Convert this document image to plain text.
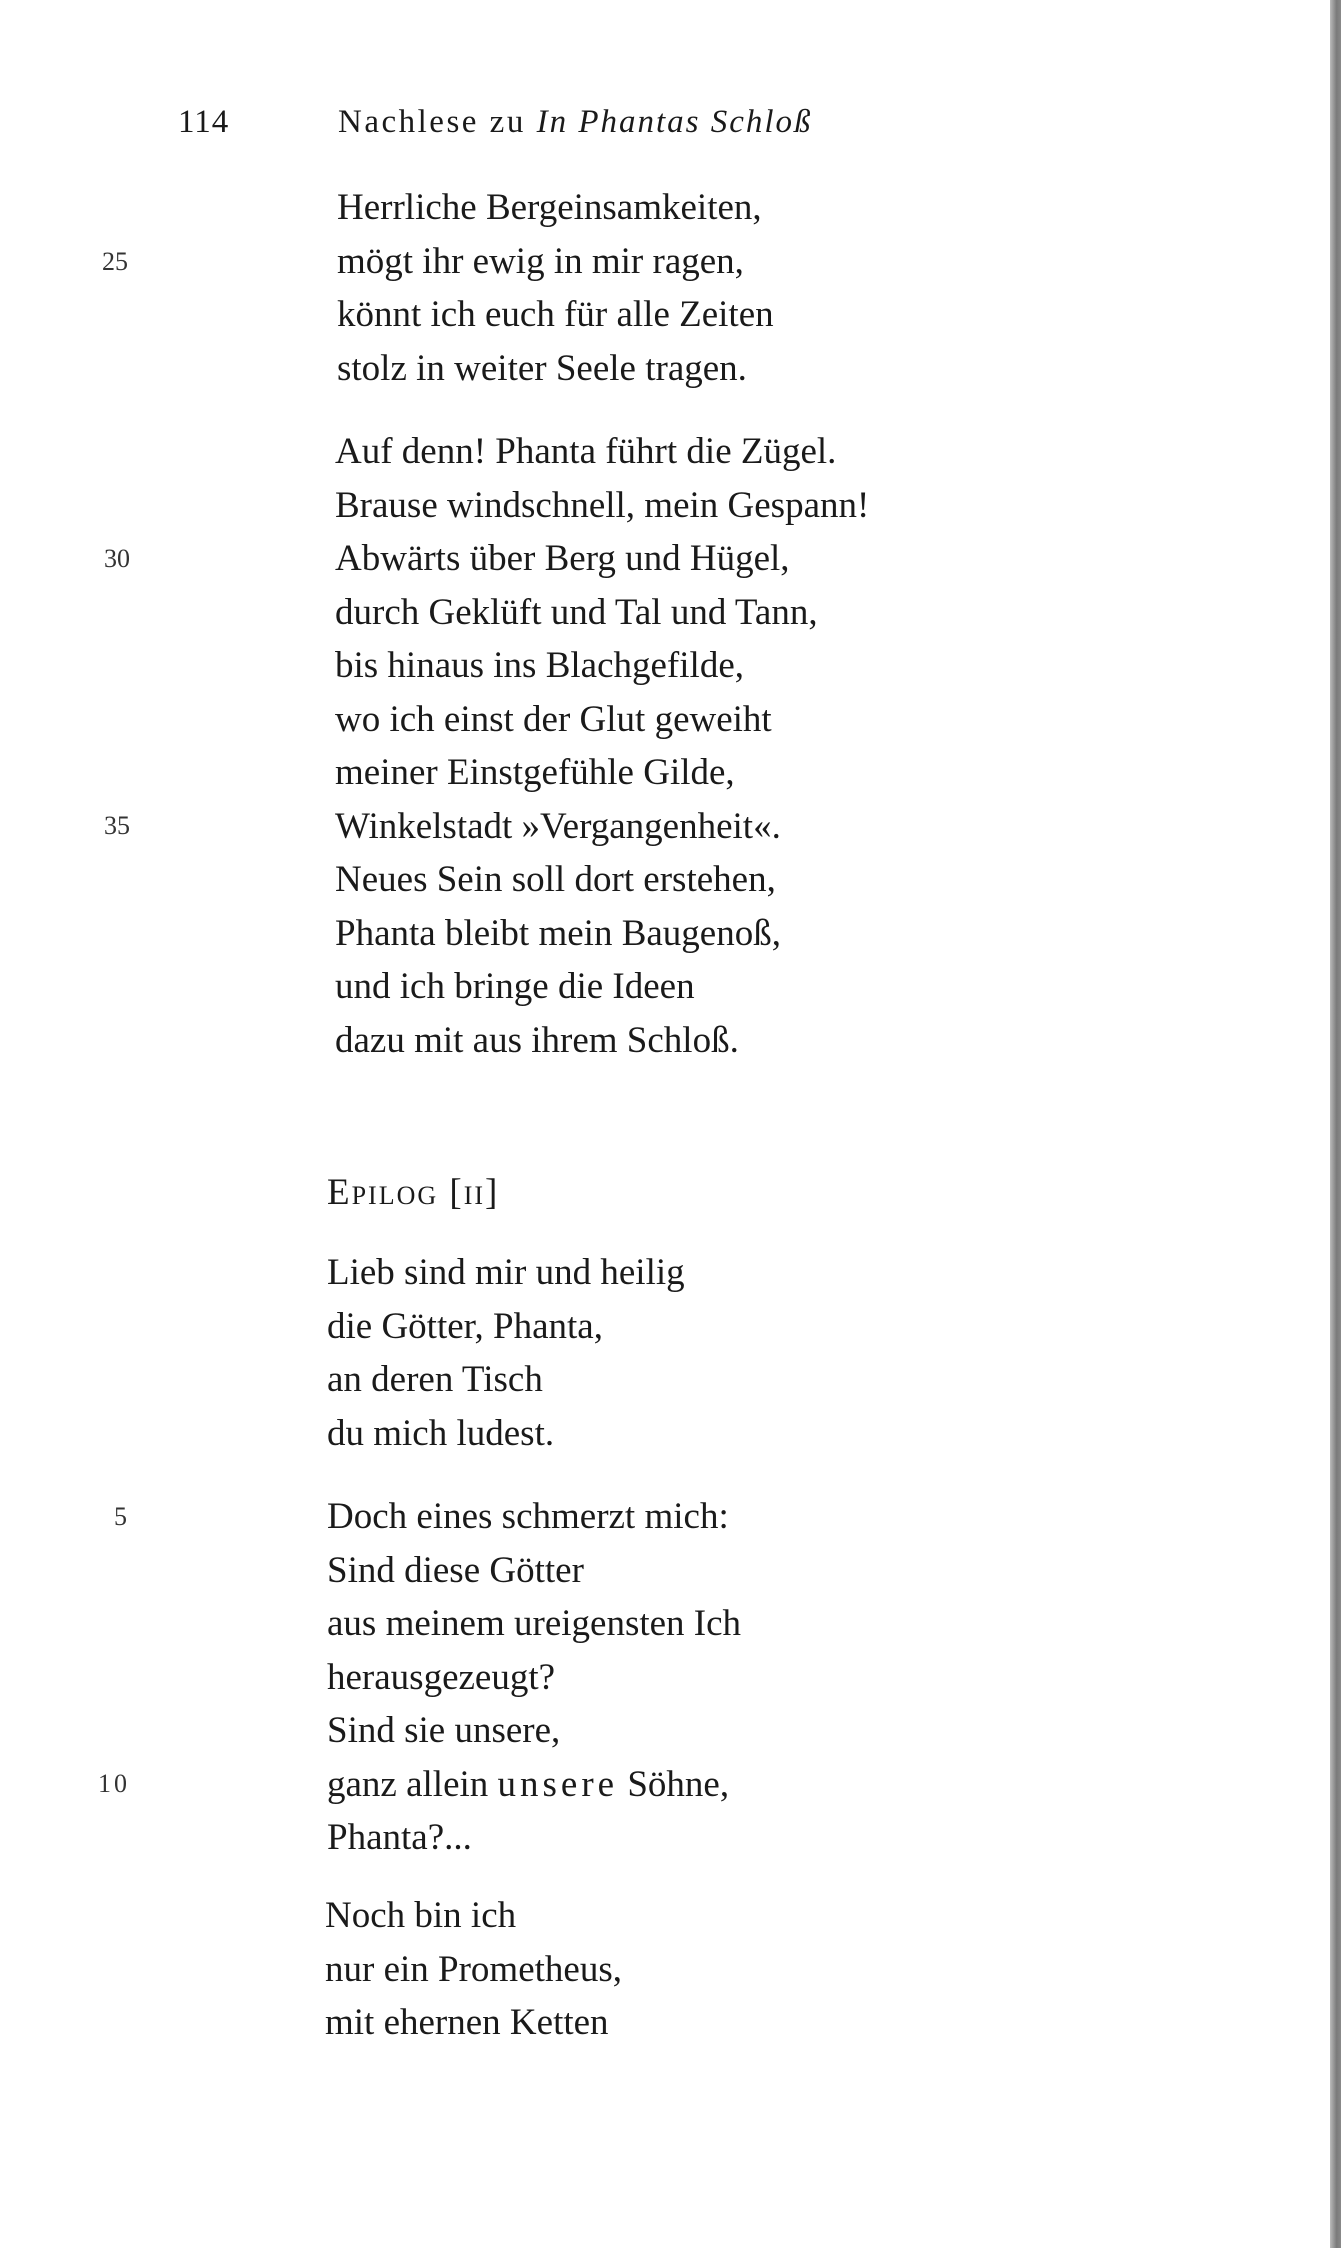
114	Nachlese zu In Phantas Schloß
Herrliche Bergeinsamkeiten,
mögt ihr ewig in mir ragen,
könnt ich euch für alle Zeiten
stolz in weiter Seele tragen.
Auf denn! Phanta führt die Zügel.
Brause windschnell, mein Gespann!
Abwärts über Berg und Hügel,
durch Geklüft und Tal und Tann,
bis hinaus ins Blachgefilde,
wo ich einst der Glut geweiht
meiner Einstgefühle Gilde,
Winkelstadt »Vergangenheit«.
Neues Sein soll dort erstehen,
Phanta bleibt mein Baugenoß,
und ich bringe die Ideen
dazu mit aus ihrem Schloß.
25
30
35
Epilog [ii]
Lieb sind mir und heilig
die Götter, Phanta,
an deren Tisch
du mich ludest.
Doch eines schmerzt mich:
Sind diese Götter
aus meinem ureigensten Ich
herausgezeugt?
Sind sie unsere,
ganz allein unsere Söhne,
Phanta?...
Noch bin ich
nur ein Prometheus,
mit ehernen Ketten
5
10
